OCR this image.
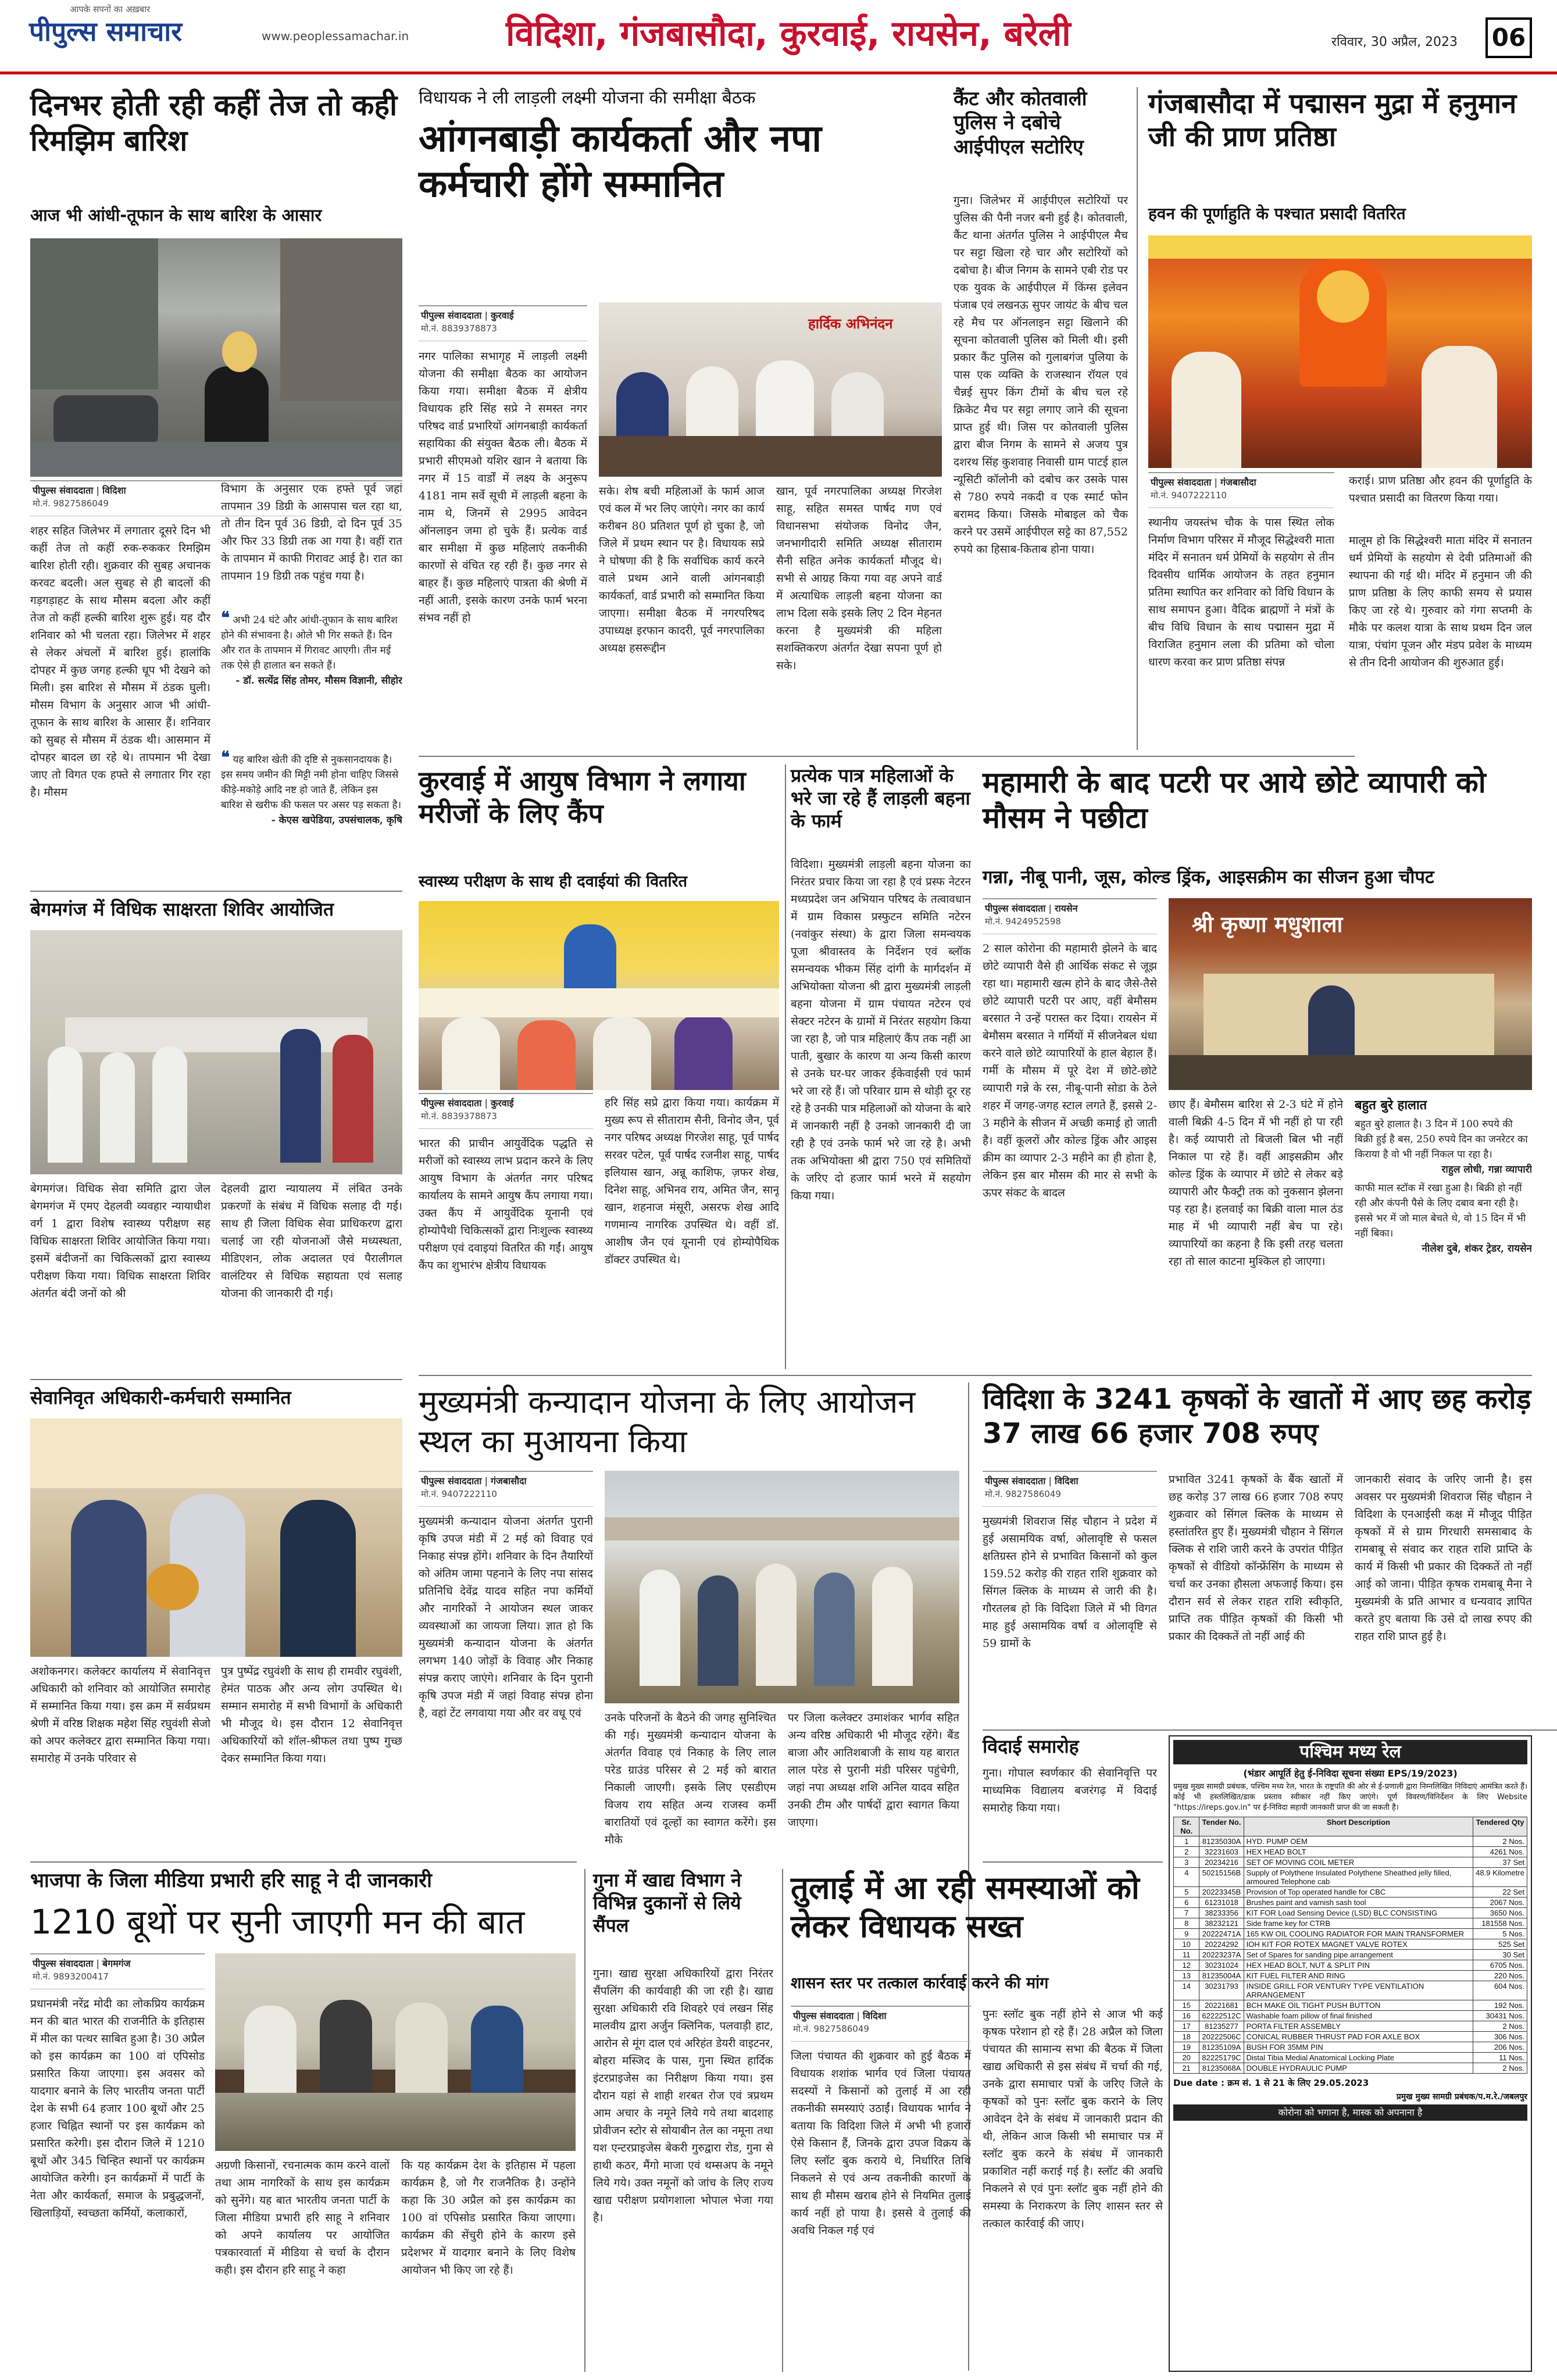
आपके सपनों का अख़बार
पीपुल्स समाचार	www.peoplessamachar.in	विदिशा, गंजबासौदा, कुरवाई, रायसेन, बरेली	रविवार, 30 अप्रैल, 2023 06
दिनभर होती रही कहीं तेज तो कही रिमझिम बारिश
आज भी आंधी-तूफान के साथ बारिश के आसार
पीपुल्स संवाददाता | विदिशा
मो.नं. 9827586049
शहर सहित जिलेभर में लगातार दूसरे दिन भी कहीं तेज तो कहीं रुक-रुककर रिमझिम बारिश होती रही। शुक्रवार की सुबह अचानक करवट बदली। अल सुबह से ही बादलों की गड़गड़ाहट के साथ मौसम बदला और कहीं तेज तो कहीं हल्की बारिश शुरू हुई। यह दौर शनिवार को भी चलता रहा। जिलेभर में शहर से लेकर अंचलों में बारिश हुई। हालांकि दोपहर में कुछ जगह हल्की धूप भी देखने को मिली। इस बारिश से मौसम में ठंडक घुली। मौसम विभाग के अनुसार आज भी आंधी-तूफान के साथ बारिश के आसार हैं। शनिवार को सुबह से मौसम में ठंडक थी। आसमान में दोपहर बादल छा रहे थे। तापमान भी देखा जाए तो विगत एक हफ्ते से लगातार गिर रहा है। मौसम
विभाग के अनुसार एक हफ्ते पूर्व जहां तापमान 39 डिग्री के आसपास चल रहा था, तो तीन दिन पूर्व 36 डिग्री, दो दिन पूर्व 35 और फिर 33 डिग्री तक आ गया है। वहीं रात के तापमान में काफी गिरावट आई है। रात का तापमान 19 डिग्री तक पहुंच गया है।
❝ अभी 24 घंटे और आंधी-तूफान के साथ बारिश होने की संभावना है। ओले भी गिर सकते हैं। दिन और रात के तापमान में गिरावट आएगी। तीन मई तक ऐसे ही हालात बन सकते हैं।
- डॉ. सत्येंद्र सिंह तोमर, मौसम विज्ञानी, सीहोर
❝ यह बारिश खेती की दृष्टि से नुकसानदायक है। इस समय जमीन की मिट्टी नमी होना चाहिए जिससे कीड़े-मकोड़े आदि नष्ट हो जाते हैं, लेकिन इस बारिश से खरीफ की फसल पर असर पड़ सकता है।
- केएस खपेडिया, उपसंचालक, कृषि
बेगमगंज में विधिक साक्षरता शिविर आयोजित
बेगमगंज। विधिक सेवा समिति द्वारा जेल बेगमगंज में एमए देहलवी व्यवहार न्यायाधीश वर्ग 1 द्वारा विशेष स्वास्थ्य परीक्षण सह विधिक साक्षरता शिविर आयोजित किया गया। इसमें बंदीजनों का चिकित्सकों द्वारा स्वास्थ्य परीक्षण किया गया। विधिक साक्षरता शिविर अंतर्गत बंदी जनों को श्री
देहलवी द्वारा न्यायालय में लंबित उनके प्रकरणों के संबंध में विधिक सलाह दी गई। साथ ही जिला विधिक सेवा प्राधिकरण द्वारा चलाई जा रही योजनाओं जैसे मध्यस्थता, मीडिएशन, लोक अदालत एवं पैरालीगल वालंटियर से विधिक सहायता एवं सलाह योजना की जानकारी दी गई।
सेवानिवृत अधिकारी-कर्मचारी सम्मानित
अशोकनगर। कलेक्टर कार्यालय में सेवानिवृत्त अधिकारी को शनिवार को आयोजित समारोह में सम्मानित किया गया। इस क्रम में सर्वप्रथम श्रेणी में वरिष्ठ शिक्षक महेश सिंह रघुवंशी सेजो को अपर कलेक्टर द्वारा सम्मानित किया गया। समारोह में उनके परिवार से
पुत्र पुष्पेंद्र रघुवंशी के साथ ही रामवीर रघुवंशी, हेमंत पाठक और अन्य लोग उपस्थित थे। सम्मान समारोह में सभी विभागों के अधिकारी भी मौजूद थे। इस दौरान 12 सेवानिवृत्त अधिकारियों को शॉल-श्रीफल तथा पुष्प गुच्छ देकर सम्मानित किया गया।
विधायक ने ली लाड़ली लक्ष्मी योजना की समीक्षा बैठक
आंगनबाड़ी कार्यकर्ता और नपा कर्मचारी होंगे सम्मानित
पीपुल्स संवाददाता | कुरवाई
मो.नं. 8839378873	हार्दिक अभिनंदन
नगर पालिका सभागृह में लाड़ली लक्ष्मी योजना की समीक्षा बैठक का आयोजन किया गया। समीक्षा बैठक में क्षेत्रीय विधायक हरि सिंह सप्रे ने समस्त नगर परिषद वार्ड प्रभारियों आंगनबाड़ी कार्यकर्ता सहायिका की संयुक्त बैठक ली। बैठक में प्रभारी सीएमओ यशिर खान ने बताया कि नगर में 15 वार्डों में लक्ष्य के अनुरूप 4181 नाम सर्वे सूची में लाड़ली बहना के नाम थे, जिनमें से 2995 आवेदन ऑनलाइन जमा हो चुके हैं। प्रत्येक वार्ड बार समीक्षा में कुछ महिलाएं तकनीकी कारणों से वंचित रह रही हैं। कुछ नगर से बाहर हैं। कुछ महिलाएं पात्रता की श्रेणी में नहीं आती, इसके कारण उनके फार्म भरना संभव नहीं हो
सके। शेष बची महिलाओं के फार्म आज एवं कल में भर लिए जाएंगे। नगर का कार्य करीबन 80 प्रतिशत पूर्ण हो चुका है, जो जिले में प्रथम स्थान पर है। विधायक सप्रे ने घोषणा की है कि सर्वाधिक कार्य करने वाले प्रथम आने वाली आंगनबाड़ी कार्यकर्ता, वार्ड प्रभारी को सम्मानित किया जाएगा। समीक्षा बैठक में नगरपरिषद उपाध्यक्ष इरफान कादरी, पूर्व नगरपालिका अध्यक्ष हसरूद्दीन
खान, पूर्व नगरपालिका अध्यक्ष गिरजेश साहू, सहित समस्त पार्षद गण एवं विधानसभा संयोजक विनोद जैन, जनभागीदारी समिति अध्यक्ष सीताराम सैनी सहित अनेक कार्यकर्ता मौजूद थे।सभी से आग्रह किया गया वह अपने वार्ड में अत्याधिक लाड़ली बहना योजना का लाभ दिला सके इसके लिए 2 दिन मेहनत करना है मुख्यमंत्री की महिला सशक्तिकरण अंतर्गत देखा सपना पूर्ण हो सके।
कैंट और कोतवाली पुलिस ने दबोचे आईपीएल सटोरिए
गुना। जिलेभर में आईपीएल सटोरियों पर पुलिस की पैनी नजर बनी हुई है। कोतवाली, कैंट थाना अंतर्गत पुलिस ने आईपीएल मैच पर सट्टा खिला रहे चार और सटोरियों को दबोचा है। बीज निगम के सामने एबी रोड पर एक युवक के आईपीएल में किंग्स इलेवन पंजाब एवं लखनऊ सुपर जायंट के बीच चल रहे मैच पर ऑनलाइन सट्टा खिलाने की सूचना कोतवाली पुलिस को मिली थी। इसी प्रकार कैंट पुलिस को गुलाबगंज पुलिया के पास एक व्यक्ति के राजस्थान रॉयल एवं चैन्नई सुपर किंग टीमों के बीच चल रहे क्रिकेट मैच पर सट्टा लगाए जाने की सूचना प्राप्त हुई थी। जिस पर कोतवाली पुलिस द्वारा बीज निगम के सामने से अजय पुत्र दशरथ सिंह कुशवाह निवासी ग्राम पाटई हाल न्यूसिटी कॉलोनी को दबोच कर उसके पास से 780 रुपये नकदी व एक स्मार्ट फोन बरामद किया। जिसके मोबाइल को चैक करने पर उसमें आईपीएल सट्टे का 87,552 रुपये का हिसाब-किताब होना पाया।
गंजबासौदा में पद्मासन मुद्रा में हनुमान जी की प्राण प्रतिष्ठा
हवन की पूर्णाहुति के पश्चात प्रसादी वितरित
पीपुल्स संवाददाता | गंजबासौदा
मो.नं. 9407222110
कराई। प्राण प्रतिष्ठा और हवन की पूर्णाहुति के पश्चात प्रसादी का वितरण किया गया।
स्थानीय जयस्तंभ चौक के पास स्थित लोक निर्माण विभाग परिसर में मौजूद सिद्धेश्वरी माता मंदिर में सनातन धर्म प्रेमियों के सहयोग से तीन दिवसीय धार्मिक आयोजन के तहत हनुमान प्रतिमा स्थापित कर शनिवार को विधि विधान के साथ समापन हुआ। वैदिक ब्राह्मणों ने मंत्रों के बीच विधि विधान के साथ पद्मासन मुद्रा में विराजित हनुमान लला की प्रतिमा को चोला धारण करवा कर प्राण प्रतिष्ठा संपन्न
मालूम हो कि सिद्धेश्वरी माता मंदिर में सनातन धर्म प्रेमियों के सहयोग से देवी प्रतिमाओं की स्थापना की गई थी। मंदिर में हनुमान जी की प्राण प्रतिष्ठा के लिए काफी समय से प्रयास किए जा रहे थे। गुरुवार को गंगा सप्तमी के मौके पर कलश यात्रा के साथ प्रथम दिन जल यात्रा, पंचांग पूजन और मंडप प्रवेश के माध्यम से तीन दिनी आयोजन की शुरुआत हुई।
कुरवाई में आयुष विभाग ने लगाया मरीजों के लिए कैंप
स्वास्थ्य परीक्षण के साथ ही दवाईयां की वितरित
पीपुल्स संवाददाता | कुरवाई
मो.नं. 8839378873
भारत की प्राचीन आयुर्वेदिक पद्धति से मरीजों को स्वास्थ्य लाभ प्रदान करने के लिए आयुष विभाग के अंतर्गत नगर परिषद कार्यालय के सामने आयुष कैंप लगाया गया। उक्त कैंप में आयुर्वेदिक यूनानी एवं होम्योपैथी चिकित्सकों द्वारा निःशुल्क स्वास्थ्य परीक्षण एवं दवाइयां वितरित की गईं। आयुष कैंप का शुभारंभ क्षेत्रीय विधायक
हरि सिंह सप्रे द्वारा किया गया। कार्यक्रम में मुख्य रूप से सीताराम सैनी, विनोद जैन, पूर्व नगर परिषद अध्यक्ष गिरजेश साहू, पूर्व पार्षद सरवर पटेल, पूर्व पार्षद रजनीश साहू, पार्षद इलियास खान, अन्नू काशिफ, ज़फर शेख, दिनेश साहू, अभिनव राय, अमित जैन, सानू खान, शहनाज मंसूरी, असरफ शेख आदि गणमान्य नागरिक उपस्थित थे। वहीं डॉ. आशीष जैन एवं यूनानी एवं होम्योपैथिक डॉक्टर उपस्थित थे।
प्रत्येक पात्र महिलाओं के भरे जा रहे हैं लाड़ली बहना के फार्म
विदिशा। मुख्यमंत्री लाड़ली बहना योजना का निरंतर प्रचार किया जा रहा है एवं प्रस्फ नेटरन मध्यप्रदेश जन अभियान परिषद के तत्वावधान में ग्राम विकास प्रस्फुटन समिति नटेरन (नवांकुर संस्था) के द्वारा जिला समन्वयक पूजा श्रीवास्तव के निर्देशन एवं ब्लॉक समन्वयक भीकम सिंह दांगी के मार्गदर्शन में अभियोक्ता योजना श्री द्वारा मुख्यमंत्री लाड़ली बहना योजना में ग्राम पंचायत नटेरन एवं सेक्टर नटेरन के ग्रामों में निरंतर सहयोग किया जा रहा है, जो पात्र महिलाएं कैंप तक नहीं आ पाती, बुखार के कारण या अन्य किसी कारण से उनके घर-घर जाकर ईकेवाईसी एवं फार्म भरे जा रहे हैं। जो परिवार ग्राम से थोड़ी दूर रह रहे है उनकी पात्र महिलाओं को योजना के बारे में जानकारी नहीं है उनको जानकारी दी जा रही है एवं उनके फार्म भरे जा रहे है। अभी तक अभियोक्ता श्री द्वारा 750 एवं समितियों के जरिए दो हजार फार्म भरने में सहयोग किया गया।
महामारी के बाद पटरी पर आये छोटे व्यापारी को मौसम ने पछीटा
गन्ना, नीबू पानी, जूस, कोल्ड ड्रिंक, आइसक्रीम का सीजन हुआ चौपट
पीपुल्स संवाददाता | रायसेन
मो.नं. 9424952598	श्री कृष्णा मधुशाला
2 साल कोरोना की महामारी झेलने के बाद छोटे व्यापारी वैसे ही आर्थिक संकट से जूझ रहा था। महामारी खत्म होने के बाद जैसे-तैसे छोटे व्यापारी पटरी पर आए, वहीं बेमौसम बरसात ने उन्हें परास्त कर दिया। रायसेन में बेमौसम बरसात ने गर्मियों में सीजनेबल धंधा करने वाले छोटे व्यापारियों के हाल बेहाल हैं। गर्मी के मौसम में पूरे देश में छोटे-छोटे व्यापारी गन्ने के रस, नीबू-पानी सोडा के ठेले शहर में जगह-जगह स्टाल लगते हैं, इससे 2-3 महीने के सीजन में अच्छी कमाई हो जाती है। वहीं कूलरों और कोल्ड ड्रिंक और आइस क्रीम का व्यापार 2-3 महीने का ही होता है, लेकिन इस बार मौसम की मार से सभी के ऊपर संकट के बादल
छाए हैं। बेमौसम बारिश से 2-3 घंटे में होने वाली बिक्री 4-5 दिन में भी नहीं हो पा रही है। कई व्यापारी तो बिजली बिल भी नहीं निकाल पा रहे हैं। वहीं आइसक्रीम और कोल्ड ड्रिंक के व्यापार में छोटे से लेकर बड़े व्यापारी और फैक्ट्री तक को नुकसान झेलना पड़ रहा है। हलवाई का बिक्री वाला माल ठंड माह में भी व्यापारी नहीं बेच पा रहे। व्यापारियों का कहना है कि इसी तरह चलता रहा तो साल काटना मुश्किल हो जाएगा।
बहुत बुरे हालात
बहुत बुरे हालात है। 3 दिन में 100 रुपये की बिक्री हुई है बस, 250 रुपये दिन का जनरेटर का किराया है वो भी नहीं निकल पा रहा है।
राहुल लोधी, गन्ना व्यापारी
काफी माल स्टॉक में रखा हुआ है। बिक्री हो नहीं रही और कंपनी पैसे के लिए दबाव बना रही है। इससे भर में जो माल बेचते थे, वो 15 दिन में भी नहीं बिका।
नीलेश दुबे, शंकर ट्रेडर, रायसेन
मुख्यमंत्री कन्यादान योजना के लिए आयोजन स्थल का मुआयना किया
पीपुल्स संवाददाता | गंजबासौदा
मो.नं. 9407222110
मुख्यमंत्री कन्यादान योजना अंतर्गत पुरानी कृषि उपज मंडी में 2 मई को विवाह एवं निकाह संपन्न होंगे। शनिवार के दिन तैयारियों को अंतिम जामा पहनाने के लिए नपा सांसद प्रतिनिधि देवेंद्र यादव सहित नपा कर्मियों और नागरिकों ने आयोजन स्थल जाकर व्यवस्थाओं का जायजा लिया। ज्ञात हो कि मुख्यमंत्री कन्यादान योजना के अंतर्गत लगभग 140 जोड़ों के विवाह और निकाह संपन्न कराए जाएंगे। शनिवार के दिन पुरानी कृषि उपज मंडी में जहां विवाह संपन्न होना है, वहां टेंट लगवाया गया और वर वधू एवं	उनके परिजनों के बैठने की जगह सुनिश्चित की गई। मुख्यमंत्री कन्यादान योजना के अंतर्गत विवाह एवं निकाह के लिए लाल परेड ग्राउंड परिसर से 2 मई को बारात निकाली जाएगी। इसके लिए एसडीएम विजय राय सहित अन्य राजस्व कर्मी बारातियों एवं दूल्हों का स्वागत करेंगे। इस मौके
पर जिला कलेक्टर उमाशंकर भार्गव सहित अन्य वरिष्ठ अधिकारी भी मौजूद रहेंगे। बैंड बाजा और आतिशबाजी के साथ यह बारात लाल परेड से पुरानी मंडी परिसर पहुंचेगी, जहां नपा अध्यक्ष शशि अनिल यादव सहित उनकी टीम और पार्षदों द्वारा स्वागत किया जाएगा।
विदिशा के 3241 कृषकों के खातों में आए छह करोड़ 37 लाख 66 हजार 708 रुपए
पीपुल्स संवाददाता | विदिशा
मो.नं. 9827586049
मुख्यमंत्री शिवराज सिंह चौहान ने प्रदेश में हुई असामयिक वर्षा, ओलावृष्टि से फसल क्षतिग्रस्त होने से प्रभावित किसानों को कुल 159.52 करोड़ की राहत राशि शुक्रवार को सिंगल क्लिक के माध्यम से जारी की है। गौरतलब हो कि विदिशा जिले में भी विगत माह हुई असामयिक वर्षा व ओलावृष्टि से 59 ग्रामों के
प्रभावित 3241 कृषकों के बैंक खातों में छह करोड़ 37 लाख 66 हजार 708 रुपए शुक्रवार को सिंगल क्लिक के माध्यम से हस्तांतरित हुए हैं। मुख्यमंत्री चौहान ने सिंगल क्लिक से राशि जारी करने के उपरांत पीड़ित कृषकों से वीडियो कॉन्फ्रेंसिंग के माध्यम से चर्चा कर उनका हौसला अफजाई किया। इस दौरान सर्व से लेकर राहत राशि स्वीकृति, प्राप्ति तक पीड़ित कृषकों की किसी भी प्रकार की दिक्कतें तो नहीं आई की
जानकारी संवाद के जरिए जानी है। इस अवसर पर मुख्यमंत्री शिवराज सिंह चौहान ने विदिशा के एनआईसी कक्ष में मौजूद पीड़ित कृषकों में से ग्राम गिरधारी समसाबाद के रामबाबू से संवाद कर राहत राशि प्राप्ति के कार्य में किसी भी प्रकार की दिक्कतें तो नहीं आई को जाना। पीड़ित कृषक रामबाबू मैना ने मुख्यमंत्री के प्रति आभार व धन्यवाद ज्ञापित करते हुए बताया कि उसे दो लाख रुपए की राहत राशि प्राप्त हुई है।
विदाई समारोह
गुना। गोपाल स्वर्णकार की सेवानिवृत्ति पर माध्यमिक विद्यालय बजरंगढ़ में विदाई समारोह किया गया।
भाजपा के जिला मीडिया प्रभारी हरि साहू ने दी जानकारी
1210 बूथों पर सुनी जाएगी मन की बात
पीपुल्स संवाददाता | बेगमगंज
मो.नं. 9893200417
प्रधानमंत्री नरेंद्र मोदी का लोकप्रिय कार्यक्रम मन की बात भारत की राजनीति के इतिहास में मील का पत्थर साबित हुआ है। 30 अप्रैल को इस कार्यक्रम का 100 वां एपिसोड प्रसारित किया जाएगा। इस अवसर को यादगार बनाने के लिए भारतीय जनता पार्टी देश के सभी 64 हजार 100 बूथों और 25 हजार चिह्नित स्थानों पर इस कार्यक्रम को प्रसारित करेगी। इस दौरान जिले में 1210 बूथों और 345 चिन्हित स्थानों पर कार्यक्रम आयोजित करेगी। इन कार्यक्रमों में पार्टी के नेता और कार्यकर्ता, समाज के प्रबुद्धजनों, खिलाड़ियों, स्वच्छता कर्मियों, कलाकारों,
अग्रणी किसानों, रचनात्मक काम करने वालों तथा आम नागरिकों के साथ इस कार्यक्रम को सुनेंगे। यह बात भारतीय जनता पार्टी के जिला मीडिया प्रभारी हरि साहू ने शनिवार को अपने कार्यालय पर आयोजित पत्रकारवार्ता में मीडिया से चर्चा के दौरान कही। इस दौरान हरि साहू ने कहा
कि यह कार्यक्रम देश के इतिहास में पहला कार्यक्रम है, जो गैर राजनैतिक है। उन्होंने कहा कि 30 अप्रैल को इस कार्यक्रम का 100 वां एपिसोड प्रसारित किया जाएगा। कार्यक्रम की सेंचुरी होने के कारण इसे प्रदेशभर में यादगार बनाने के लिए विशेष आयोजन भी किए जा रहे हैं।
गुना में खाद्य विभाग ने विभिन्न दुकानों से लिये सैंपल
गुना। खाद्य सुरक्षा अधिकारियों द्वारा निरंतर सैंपलिंग की कार्यवाही की जा रही है। खाद्य सुरक्षा अधिकारी रवि शिवहरे एवं लखन सिंह मालवीय द्वारा अर्जुन क्लिनिक, पलवाड़ी हाट, आरोन से मूंग दाल एवं अरिहंत डेयरी वाइटनर, बोहरा मस्जिद के पास, गुना स्थित हार्दिक इंटरप्राइजेस का निरीक्षण किया गया। इस दौरान यहां से शाही शरबत रोज एवं त्रप्रथम आम अचार के नमूने लिये गये तथा बादशाह प्रोवीजन स्टोर से सोयाबीन तेल का नमूना तथा यश एन्टरप्राइजेस बेकरी गुरुद्वारा रोड, गुना से हाथी कठर, मैंगो माजा एवं थम्सअप के नमूने लिये गये। उक्त नमूनों को जांच के लिए राज्य खाद्य परीक्षण प्रयोगशाला भोपाल भेजा गया है।
तुलाई में आ रही समस्याओं को लेकर विधायक सख्त
शासन स्तर पर तत्काल कार्रवाई करने की मांग
पीपुल्स संवाददाता | विदिशा
मो.नं. 9827586049
जिला पंचायत की शुक्रवार को हुई बैठक में विधायक शशांक भार्गव एवं जिला पंचायत सदस्यों ने किसानों को तुलाई में आ रही तकनीकी समस्याएं उठाईं। विधायक भार्गव ने बताया कि विदिशा जिले में अभी भी हजारों ऐसे किसान हैं, जिनके द्वारा उपज विक्रय के लिए स्लॉट बुक कराये थे, निर्धारित तिथि निकलने से एवं अन्य तकनीकी कारणों के साथ ही मौसम खराब होने से नियमित तुलाई कार्य नहीं हो पाया है। इससे वे तुलाई की अवधि निकल गई एवं
पुनः स्लॉट बुक नहीं होने से आज भी कई कृषक परेशान हो रहे हैं। 28 अप्रैल को जिला पंचायत की सामान्य सभा की बैठक में जिला खाद्य अधिकारी से इस संबंध में चर्चा की गई, उनके द्वारा समाचार पत्रों के जरिए जिले के कृषकों को पुनः स्लॉट बुक कराने के लिए आवेदन देने के संबंध में जानकारी प्रदान की थी, लेकिन आज किसी भी समाचार पत्र में स्लॉट बुक करने के संबंध में जानकारी प्रकाशित नहीं कराई गई है। स्लॉट की अवधि निकलने से एवं पुनः स्लॉट बुक नहीं होने की समस्या के निराकरण के लिए शासन स्तर से तत्काल कार्रवाई की जाए।
पश्चिम मध्य रेल
(भंडार आपूर्ति हेतु ई-निविदा सूचना संख्या EPS/19/2023)
प्रमुख मुख्य सामग्री प्रबंधक, पश्चिम मध्य रेल, भारत के राष्ट्रपति की ओर से ई-प्रणाली द्वारा निम्नलिखित निविदाएं आमंत्रित करते हैं। कोई भी हस्तलिखित/डाक प्रस्ताव स्वीकार नहीं किए जाएंगे। पूर्ण विवरण/विनिर्देशन के लिए Website "https://ireps.gov.in" पर ई-निविदा सहायी जानकारी प्राप्त की जा सकती है।
Sr. No.	Tender No.	Short Description	Tendered Qty
1	81235030A	HYD. PUMP OEM	2 Nos.
2	32231603	HEX HEAD BOLT	4261 Nos.
3	20234216	SET OF MOVING COIL METER	37 Set
4	50215156B	Supply of Polythene Insulated Polythene Sheathed jelly filled, armoured Telephone cab	48.9 Kilometre
5	20223345B	Provision of Top operated handle for CBC	22 Set
6	61231018	Brushes paint and varnish sash tool	2067 Nos.
7	38233356	KIT FOR Load Sensing Device (LSD) BLC CONSISTING	3650 Nos.
8	38232121	Side frame key for CTRB	181558 Nos.
9	20222471A	165 KW OIL COOLING RADIATOR FOR MAIN TRANSFORMER	5 Nos.
10	20224292	IOH KIT FOR ROTEX MAGNET VALVE ROTEX	525 Set
11	20223237A	Set of Spares for sanding pipe arrangement	30 Set
12	30231024	HEX HEAD BOLT, NUT & SPLIT PIN	6705 Nos.
13	81235004A	KIT FUEL FILTER AND RING	220 Nos.
14	30231793	INSIDE GRILL FOR VENTURY TYPE VENTILATION ARRANGEMENT	604 Nos.
15	20221681	BCH MAKE OIL TIGHT PUSH BUTTON	192 Nos.
16	62222512C	Washable foam pillow of final finished	30431 Nos.
17	81235277	PORTA FILTER ASSEMBLY	2 Nos.
18	20222506C	CONICAL RUBBER THRUST PAD FOR AXLE BOX	306 Nos.
19	81235109A	BUSH FOR 35MM PIN	206 Nos.
20	82225179C	Distal Tibia Medial Anatomical Locking Plate	11 Nos.
21	81235068A	DOUBLE HYDRAULIC PUMP	2 Nos.
Due date : क्रम सं. 1 से 21 के लिए 29.05.2023
प्रमुख मुख्य सामग्री प्रबंधक/प.म.रे./जबलपुर
कोरोना को भगाना है, मास्क को अपनाना है
